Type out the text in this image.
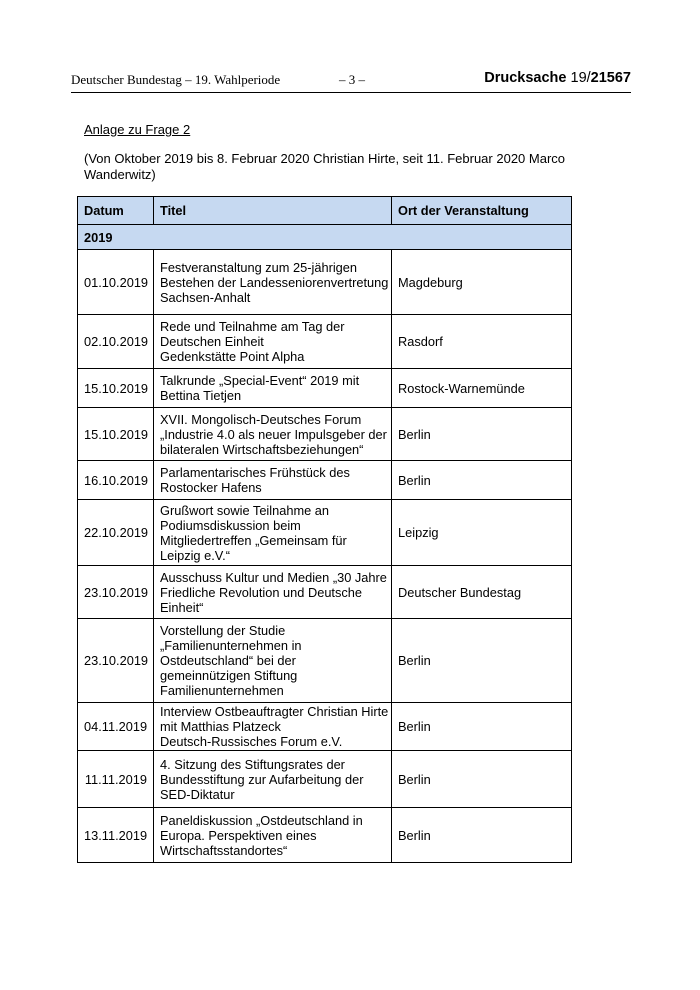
Deutscher Bundestag – 19. Wahlperiode	– 3 –	Drucksache 19/21567
Anlage zu Frage 2
(Von Oktober 2019 bis 8. Februar 2020 Christian Hirte, seit 11. Februar 2020 Marco
Wanderwitz)
Datum	Titel	Ort der Veranstaltung
2019		
01.10.2019	Festveranstaltung zum 25-jährigen
Bestehen der Landesseniorenvertretung
Sachsen-Anhalt	Magdeburg
02.10.2019	Rede und Teilnahme am Tag der
Deutschen Einheit
Gedenkstätte Point Alpha	Rasdorf
15.10.2019	Talkrunde „Special-Event“ 2019 mit
Bettina Tietjen	Rostock-Warnemünde
15.10.2019	XVII. Mongolisch-Deutsches Forum
„Industrie 4.0 als neuer Impulsgeber der
bilateralen Wirtschaftsbeziehungen“	Berlin
16.10.2019	Parlamentarisches Frühstück des
Rostocker Hafens	Berlin
22.10.2019	Grußwort sowie Teilnahme an
Podiumsdiskussion beim
Mitgliedertreffen „Gemeinsam für
Leipzig e.V.“	Leipzig
23.10.2019	Ausschuss Kultur und Medien „30 Jahre
Friedliche Revolution und Deutsche
Einheit“	Deutscher Bundestag
23.10.2019	Vorstellung der Studie
„Familienunternehmen in
Ostdeutschland“ bei der
gemeinnützigen Stiftung
Familienunternehmen	Berlin
04.11.2019	Interview Ostbeauftragter Christian Hirte
mit Matthias Platzeck
Deutsch-Russisches Forum e.V.	Berlin
11.11.2019	4. Sitzung des Stiftungsrates der
Bundesstiftung zur Aufarbeitung der
SED-Diktatur	Berlin
13.11.2019	Paneldiskussion „Ostdeutschland in
Europa. Perspektiven eines
Wirtschaftsstandortes“	Berlin
